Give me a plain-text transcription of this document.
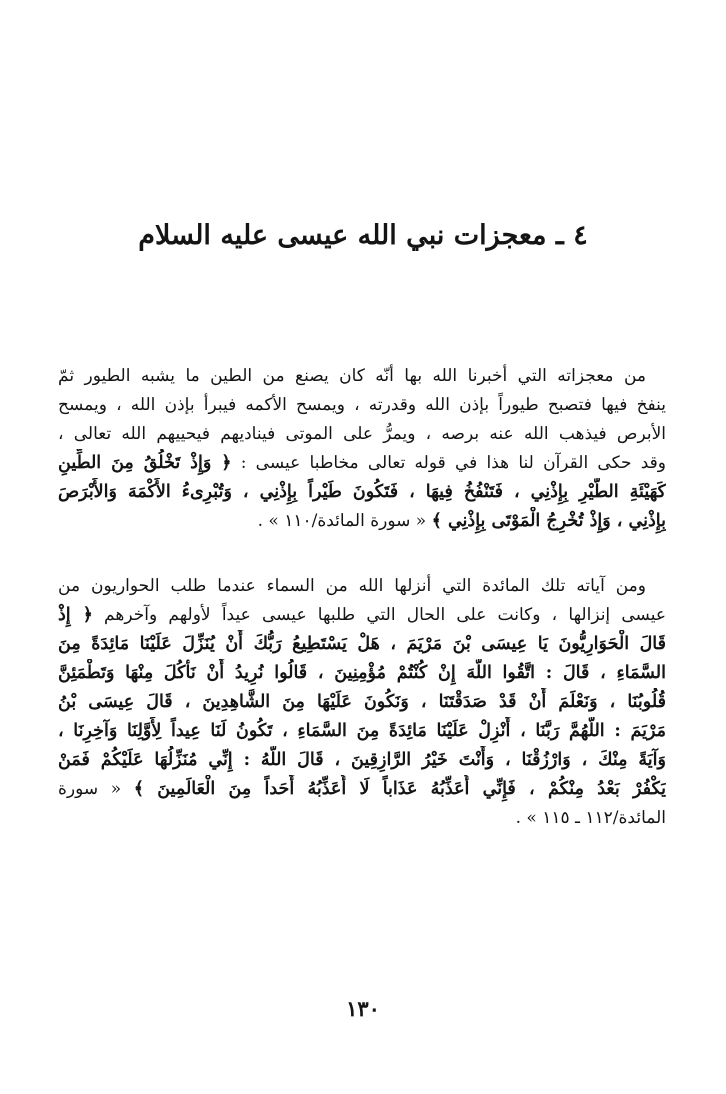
٤ ـ معجزات نبي الله عيسى عليه السلام
من معجزاته التي أخبرنا الله بها أنّه كان يصنع من الطين ما يشبه الطيور ثمّ
ينفخ فيها فتصبح طيوراً بإذن الله وقدرته ، ويمسح الأكمه فيبرأ بإذن الله ، ويمسح
الأبرص فيذهب الله عنه برصه ، ويمرُّ على الموتى فيناديهم فيحييهم الله تعالى ،
وقد حكى القرآن لنا هذا في قوله تعالى مخاطبا عيسى : ﴿ وَإِذْ تَخْلُقُ مِنَ الطِّينِ
كَهَيْئَةِ الطَّيْرِ بِإِذْنِي ، فَتَنْفُخُ فِيهَا ، فَتَكُونَ طَيْراً بِإِذْنِي ، وَتُبْرِىءُ الأَكْمَهَ وَالأَبْرَصَ
بِإِذْنِي ، وَإِذْ تُخْرِجُ الْمَوْتَى بِإِذْنِي ﴾ « سورة المائدة/١١٠ » .
ومن آياته تلك المائدة التي أنزلها الله من السماء عندما طلب الحواريون من
عيسى إنزالها ، وكانت على الحال التي طلبها عيسى عيداً لأولهم وآخرهم ﴿ إِذْ
قَالَ الْحَوَارِيُّونَ يَا عِيسَى بْنَ مَرْيَمَ ، هَلْ يَسْتَطِيعُ رَبُّكَ أَنْ يُنَزِّلَ عَلَيْنَا مَائِدَةً مِنَ
السَّمَاءِ ، قَالَ : اتَّقُوا اللَّهَ إِنْ كُنْتُمْ مُؤْمِنِينَ ، قَالُوا نُرِيدُ أَنْ نَأْكُلَ مِنْهَا وَتَطْمَئِنَّ
قُلُوبُنَا ، وَنَعْلَمَ أَنْ قَدْ صَدَقْتَنَا ، وَنَكُونَ عَلَيْهَا مِنَ الشَّاهِدِينَ ، قَالَ عِيسَى بْنُ
مَرْيَمَ : اللَّهُمَّ رَبَّنَا ، أَنْزِلْ عَلَيْنَا مَائِدَةً مِنَ السَّمَاءِ ، تَكُونُ لَنَا عِيداً لِأَوَّلِنَا وَآخِرِنَا ،
وَآيَةً مِنْكَ ، وَارْزُقْنَا ، وَأَنْتَ خَيْرُ الرَّازِقِينَ ، قَالَ اللَّهُ : إِنِّي مُنَزِّلُهَا عَلَيْكُمْ فَمَنْ
يَكْفُرْ بَعْدُ مِنْكُمْ ، فَإِنِّي أُعَذِّبُهُ عَذَاباً لَا أُعَذِّبُهُ أَحَداً مِنَ الْعَالَمِينَ ﴾ « سورة
المائدة/١١٢ ـ ١١٥ » .
١٣٠
